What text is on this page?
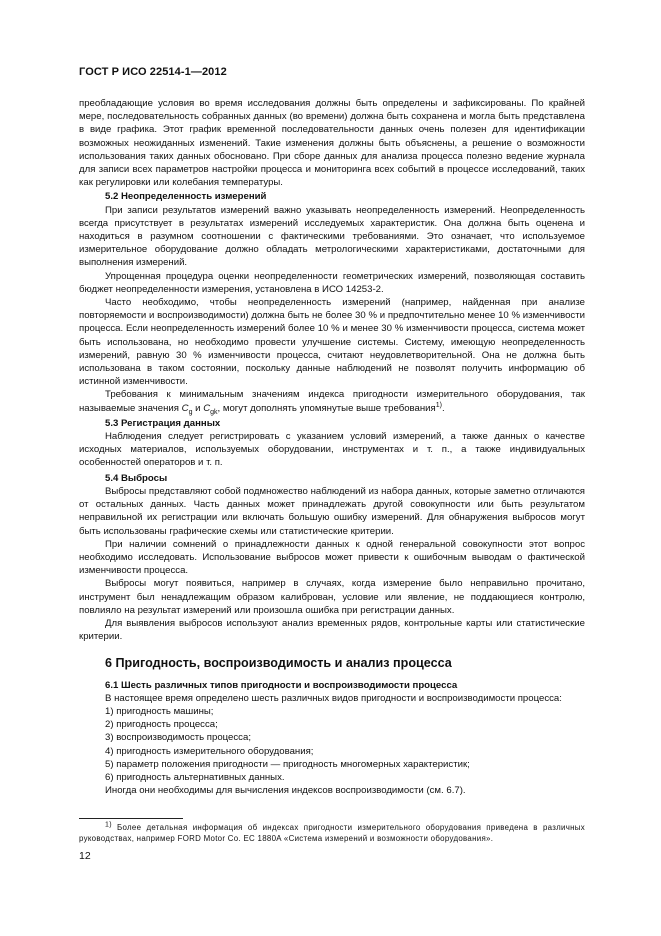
ГОСТ Р ИСО 22514-1—2012

преобладающие условия во время исследования должны быть определены и зафиксированы. По крайней мере, последовательность собранных данных (во времени) должна быть сохранена и могла быть представлена в виде графика. Этот график временной последовательности данных очень полезен для идентификации возможных неожиданных изменений. Такие изменения должны быть объяснены, а решение о возможности использования таких данных обосновано. При сборе данных для анализа процесса полезно ведение журнала для записи всех параметров настройки процесса и мониторинга всех событий в процессе исследований, таких как регулировки или колебания температуры.

5.2 Неопределенность измерений

При записи результатов измерений важно указывать неопределенность измерений. Неопределенность всегда присутствует в результатах измерений исследуемых характеристик. Она должна быть оценена и находиться в разумном соотношении с фактическими требованиями. Это означает, что используемое измерительное оборудование должно обладать метрологическими характеристиками, достаточными для выполнения измерений.

Упрощенная процедура оценки неопределенности геометрических измерений, позволяющая составить бюджет неопределенности измерения, установлена в ИСО 14253-2.

Часто необходимо, чтобы неопределенность измерений (например, найденная при анализе повторяемости и воспроизводимости) должна быть не более 30 % и предпочтительно менее 10 % изменчивости процесса. Если неопределенность измерений более 10 % и менее 30 % изменчивости процесса, система может быть использована, но необходимо провести улучшение системы. Систему, имеющую неопределенность измерений, равную 30 % изменчивости процесса, считают неудовлетворительной. Она не должна быть использована в таком состоянии, поскольку данные наблюдений не позволят получить информацию об истинной изменчивости.

Требования к минимальным значениям индекса пригодности измерительного оборудования, так называемые значения $C_g$ и $C_{gk}$, могут дополнять упомянутые выше требования$^{1)}$.

5.3 Регистрация данных

Наблюдения следует регистрировать с указанием условий измерений, а также данных о качестве исходных материалов, используемых оборудовании, инструментах и т. п., а также индивидуальных особенностей операторов и т. п.

5.4 Выбросы

Выбросы представляют собой подмножество наблюдений из набора данных, которые заметно отличаются от остальных данных. Часть данных может принадлежать другой совокупности или быть результатом неправильной их регистрации или включать большую ошибку измерений. Для обнаружения выбросов могут быть использованы графические схемы или статистические критерии.

При наличии сомнений о принадлежности данных к одной генеральной совокупности этот вопрос необходимо исследовать. Использование выбросов может привести к ошибочным выводам о фактической изменчивости процесса.

Выбросы могут появиться, например в случаях, когда измерение было неправильно прочитано, инструмент был ненадлежащим образом калиброван, условие или явление, не поддающиеся контролю, повлияло на результат измерений или произошла ошибка при регистрации данных.

Для выявления выбросов используют анализ временных рядов, контрольные карты или статистические критерии.

6 Пригодность, воспроизводимость и анализ процесса
6.1 Шесть различных типов пригодности и воспроизводимости процесса

В настоящее время определено шесть различных видов пригодности и воспроизводимости процесса:

1) пригодность машины;
2) пригодность процесса;
3) воспроизводимость процесса;
4) пригодность измерительного оборудования;
5) параметр положения пригодности — пригодность многомерных характеристик;
6) пригодность альтернативных данных.

Иногда они необходимы для вычисления индексов воспроизводимости (см. 6.7).

$^{1)}$ Более детальная информация об индексах пригодности измерительного оборудования приведена в различных руководствах, например FORD Motor Co. EC 1880A «Система измерений и возможности оборудования».

12
